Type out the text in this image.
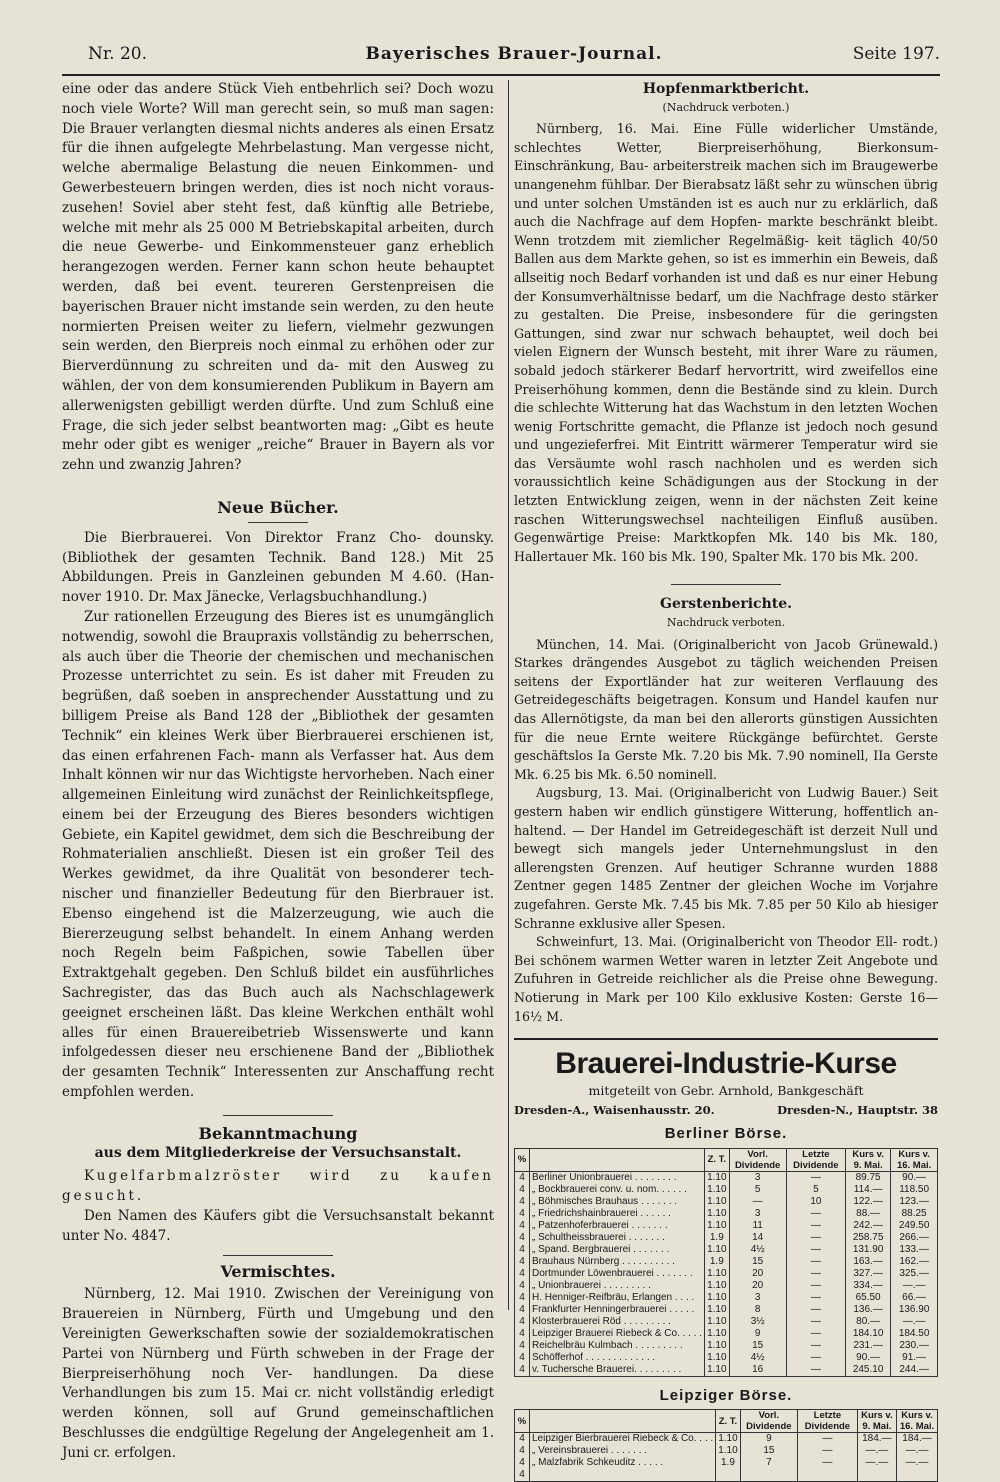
Nr. 20.	Bayerisches Brauer-Journal.	Seite 197.

eine oder das andere Stück Vieh entbehrlich sei? Doch wozu noch viele Worte? Will man gerecht sein, so muß man sagen: Die Brauer verlangten diesmal nichts anderes als einen Ersatz für die ihnen aufgelegte Mehrbelastung. Man vergesse nicht, welche abermalige Belastung die neuen Einkommen- und Gewerbesteuern bringen werden, dies ist noch nicht voraus- zusehen! Soviel aber steht fest, daß künftig alle Betriebe, welche mit mehr als 25 000 M Betriebskapital arbeiten, durch die neue Gewerbe- und Einkommensteuer ganz erheblich herangezogen werden. Ferner kann schon heute behauptet werden, daß bei event. teureren Gerstenpreisen die bayerischen Brauer nicht imstande sein werden, zu den heute normierten Preisen weiter zu liefern, vielmehr gezwungen sein werden, den Bierpreis noch einmal zu erhöhen oder zur Bierverdünnung zu schreiten und da- mit den Ausweg zu wählen, der von dem konsumierenden Publikum in Bayern am allerwenigsten gebilligt werden dürfte. Und zum Schluß eine Frage, die sich jeder selbst beantworten mag: „Gibt es heute mehr oder gibt es weniger „reiche“ Brauer in Bayern als vor zehn und zwanzig Jahren?

Neue Bücher.

Die Bierbrauerei. Von Direktor Franz Cho- dounsky. (Bibliothek der gesamten Technik. Band 128.) Mit 25 Abbildungen. Preis in Ganzleinen gebunden M 4.60. (Han- nover 1910. Dr. Max Jänecke, Verlagsbuchhandlung.)

Zur rationellen Erzeugung des Bieres ist es unumgänglich notwendig, sowohl die Braupraxis vollständig zu beherrschen, als auch über die Theorie der chemischen und mechanischen Prozesse unterrichtet zu sein. Es ist daher mit Freuden zu begrüßen, daß soeben in ansprechender Ausstattung und zu billigem Preise als Band 128 der „Bibliothek der gesamten Technik“ ein kleines Werk über Bierbrauerei erschienen ist, das einen erfahrenen Fach- mann als Verfasser hat. Aus dem Inhalt können wir nur das Wichtigste hervorheben. Nach einer allgemeinen Einleitung wird zunächst der Reinlichkeitspflege, einem bei der Erzeugung des Bieres besonders wichtigen Gebiete, ein Kapitel gewidmet, dem sich die Beschreibung der Rohmaterialien anschließt. Diesen ist ein großer Teil des Werkes gewidmet, da ihre Qualität von besonderer tech- nischer und finanzieller Bedeutung für den Bierbrauer ist. Ebenso eingehend ist die Malzerzeugung, wie auch die Biererzeugung selbst behandelt. In einem Anhang werden noch Regeln beim Faßpichen, sowie Tabellen über Extraktgehalt gegeben. Den Schluß bildet ein ausführliches Sachregister, das das Buch auch als Nachschlagewerk geeignet erscheinen läßt. Das kleine Werkchen enthält wohl alles für einen Brauereibetrieb Wissenswerte und kann infolgedessen dieser neu erschienene Band der „Bibliothek der gesamten Technik“ Interessenten zur Anschaffung recht empfohlen werden.

Bekanntmachung

aus dem Mitgliederkreise der Versuchsanstalt.

Kugelfarbmalzröster wird zu kaufen gesucht.

Den Namen des Käufers gibt die Versuchsanstalt bekannt unter No. 4847.

Vermischtes.

Nürnberg, 12. Mai 1910. Zwischen der Vereinigung von Brauereien in Nürnberg, Fürth und Umgebung und den Vereinigten Gewerkschaften sowie der sozialdemokratischen Partei von Nürnberg und Fürth schweben in der Frage der Bierpreiserhöhung noch Ver- handlungen. Da diese Verhandlungen bis zum 15. Mai cr. nicht vollständig erledigt werden können, soll auf Grund gemeinschaftlichen Beschlusses die endgültige Regelung der Angelegenheit am 1. Juni cr. erfolgen.

Hopfenmarktbericht.

(Nachdruck verboten.)

Nürnberg, 16. Mai. Eine Fülle widerlicher Umstände, schlechtes Wetter, Bierpreiserhöhung, Bierkonsum-Einschränkung, Bau- arbeiterstreik machen sich im Braugewerbe unangenehm fühlbar. Der Bierabsatz läßt sehr zu wünschen übrig und unter solchen Umständen ist es auch nur zu erklärlich, daß auch die Nachfrage auf dem Hopfen- markte beschränkt bleibt. Wenn trotzdem mit ziemlicher Regelmäßig- keit täglich 40/50 Ballen aus dem Markte gehen, so ist es immerhin ein Beweis, daß allseitig noch Bedarf vorhanden ist und daß es nur einer Hebung der Konsumverhältnisse bedarf, um die Nachfrage desto stärker zu gestalten. Die Preise, insbesondere für die geringsten Gattungen, sind zwar nur schwach behauptet, weil doch bei vielen Eignern der Wunsch besteht, mit ihrer Ware zu räumen, sobald jedoch stärkerer Bedarf hervortritt, wird zweifellos eine Preiserhöhung kommen, denn die Bestände sind zu klein. Durch die schlechte Witterung hat das Wachstum in den letzten Wochen wenig Fortschritte gemacht, die Pflanze ist jedoch noch gesund und ungezieferfrei. Mit Eintritt wärmerer Temperatur wird sie das Versäumte wohl rasch nachholen und es werden sich voraussichtlich keine Schädigungen aus der Stockung in der letzten Entwicklung zeigen, wenn in der nächsten Zeit keine raschen Witterungswechsel nachteiligen Einfluß ausüben. Gegenwärtige Preise: Marktkopfen Mk. 140 bis Mk. 180, Hallertauer Mk. 160 bis Mk. 190, Spalter Mk. 170 bis Mk. 200.

Gerstenberichte.

Nachdruck verboten.

München, 14. Mai. (Originalbericht von Jacob Grünewald.) Starkes drängendes Ausgebot zu täglich weichenden Preisen seitens der Exportländer hat zur weiteren Verflauung des Getreidegeschäfts beigetragen. Konsum und Handel kaufen nur das Allernötigste, da man bei den allerorts günstigen Aussichten für die neue Ernte weitere Rückgänge befürchtet. Gerste geschäftslos Ia Gerste Mk. 7.20 bis Mk. 7.90 nominell, IIa Gerste Mk. 6.25 bis Mk. 6.50 nominell.

Augsburg, 13. Mai. (Originalbericht von Ludwig Bauer.) Seit gestern haben wir endlich günstigere Witterung, hoffentlich an- haltend. — Der Handel im Getreidegeschäft ist derzeit Null und bewegt sich mangels jeder Unternehmungslust in den allerengsten Grenzen. Auf heutiger Schranne wurden 1888 Zentner gegen 1485 Zentner der gleichen Woche im Vorjahre zugefahren. Gerste Mk. 7.45 bis Mk. 7.85 per 50 Kilo ab hiesiger Schranne exklusive aller Spesen.

Schweinfurt, 13. Mai. (Originalbericht von Theodor Ell- rodt.) Bei schönem warmen Wetter waren in letzter Zeit Angebote und Zufuhren in Getreide reichlicher als die Preise ohne Bewegung. Notierung in Mark per 100 Kilo exklusive Kosten: Gerste 16—16½ M.

Brauerei-Industrie-Kurse
mitgeteilt von Gebr. Arnhold, Bankgeschäft
Dresden-A., Waisenhausstr. 20.	Dresden-N., Hauptstr. 38
Berliner Börse.
%		Z. T.	Vorl. Dividende	Letzte Dividende	Kurs v. 9. Mai.	Kurs v. 16. Mai.
4	Berliner Unionbrauerei . . . . . . . .	1.10	3	—	89.75	90.—
4	„ Bockbrauerei conv. u. nom. . . . . .	1.10	5	5	114.—	118.50
4	„ Böhmisches Brauhaus . . . . . . .	1.10	—	10	122.—	123.—
4	„ Friedrichshainbrauerei . . . . . .	1.10	3	—	88.—	88.25
4	„ Patzenhoferbrauerei . . . . . . .	1.10	11	—	242.—	249.50
4	„ Schultheissbrauerei . . . . . . .	1.9	14	—	258.75	266.—
4	„ Spand. Bergbrauerei . . . . . . .	1.10	4½	—	131.90	133.—
4	Brauhaus Nürnberg . . . . . . . . . .	1.9	15	—	163.—	162.—
4	Dortmunder Löwenbrauerei . . . . . . .	1.10	20	—	327.—	325.—
4	„ Unionbrauerei . . . . . . . . .	1.10	20	—	334.—	—.—
4	H. Henniger-Reifbräu, Erlangen . . . .	1.10	3	—	65.50	66.—
4	Frankfurter Henningerbrauerei . . . . .	1.10	8	—	136.—	136.90
4	Klosterbrauerei Röd . . . . . . . . .	1.10	3½	—	80.—	—.—
4	Leipziger Brauerei Riebeck & Co. . . . .	1.10	9	—	184.10	184.50
4	Reichelbräu Kulmbach . . . . . . . . .	1.10	15	—	231.—	230.—
4	Schöfferhof . . . . . . . . . . . . .	1.10	4½	—	90.—	91.—
4	v. Tuchersche Brauerei. . . . . . . . .	1.10	16	—	245.10	244.—
Leipziger Börse.
%		Z. T.	Vorl. Dividende	Letzte Dividende	Kurs v. 9. Mai.	Kurs v. 16. Mai.
4	Leipziger Bierbrauerei Riebeck & Co. . . .	1.10	9	—	184.—	184.—
4	„ Vereinsbrauerei . . . . . . .	1.10	15	—	—.—	—.—
4	„ Malzfabrik Schkeuditz . . . . .	1.9	7	—	—.—	—.—
4						
